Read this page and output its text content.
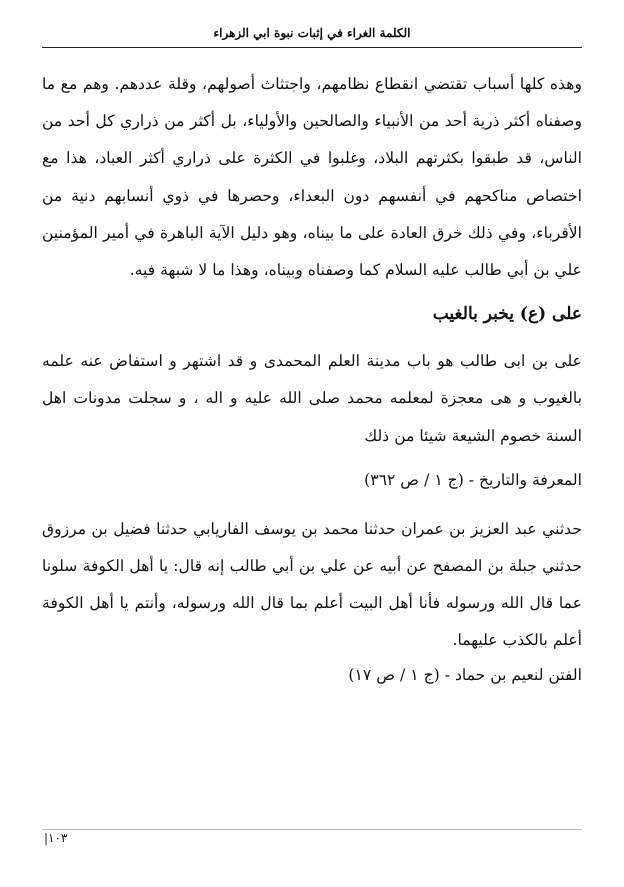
الكلمة الغراء في إثبات نبوة ابي الزهراء

وهذه كلها أسباب تقتضي انقطاع نظامهم، واجتثاث أصولهم، وقلة عددهم. وهم مع ما وصفناه أكثر ذرية أحد من الأنبياء والصالحين والأولياء، بل أكثر من ذراري كل أحد من الناس، قد طبقوا بكثرتهم البلاد، وغلبوا في الكثرة على ذراري أكثر العباد، هذا مع اختصاص مناكحهم في أنفسهم دون البعداء، وحصرها في ذوي أنسابهم دنية من الأقرباء، وفي ذلك خرق العادة على ما بيناه، وهو دليل الآية الباهرة في أمير المؤمنين علي بن أبي طالب عليه السلام كما وصفناه وبيناه، وهذا ما لا شبهة فيه.

على (ع) يخبر بالغيب

على بن ابى طالب هو باب مدينة العلم المحمدى و قد اشتهر و استفاض عنه علمه بالغيوب و هى معجزة لمعلمه محمد صلى الله عليه و اله ، و سجلت مدونات اهل السنة خصوم الشيعة شيئا من ذلك

المعرفة والتاريخ - (ج ١ / ص ٣٦٢)

حدثني عبد العزيز بن عمران حدثنا محمد بن يوسف الفاريابي حدثنا فضيل بن مرزوق حدثني جبلة بن المصفح عن أبيه عن علي بن أبي طالب إنه قال: يا أهل الكوفة سلونا عما قال الله ورسوله فأنا أهل البيت أعلم بما قال الله ورسوله، وأنتم يا أهل الكوفة أعلم بالكذب عليهما.

الفتن لنعيم بن حماد - (ج ١ / ص ١٧)

١٠٣|
